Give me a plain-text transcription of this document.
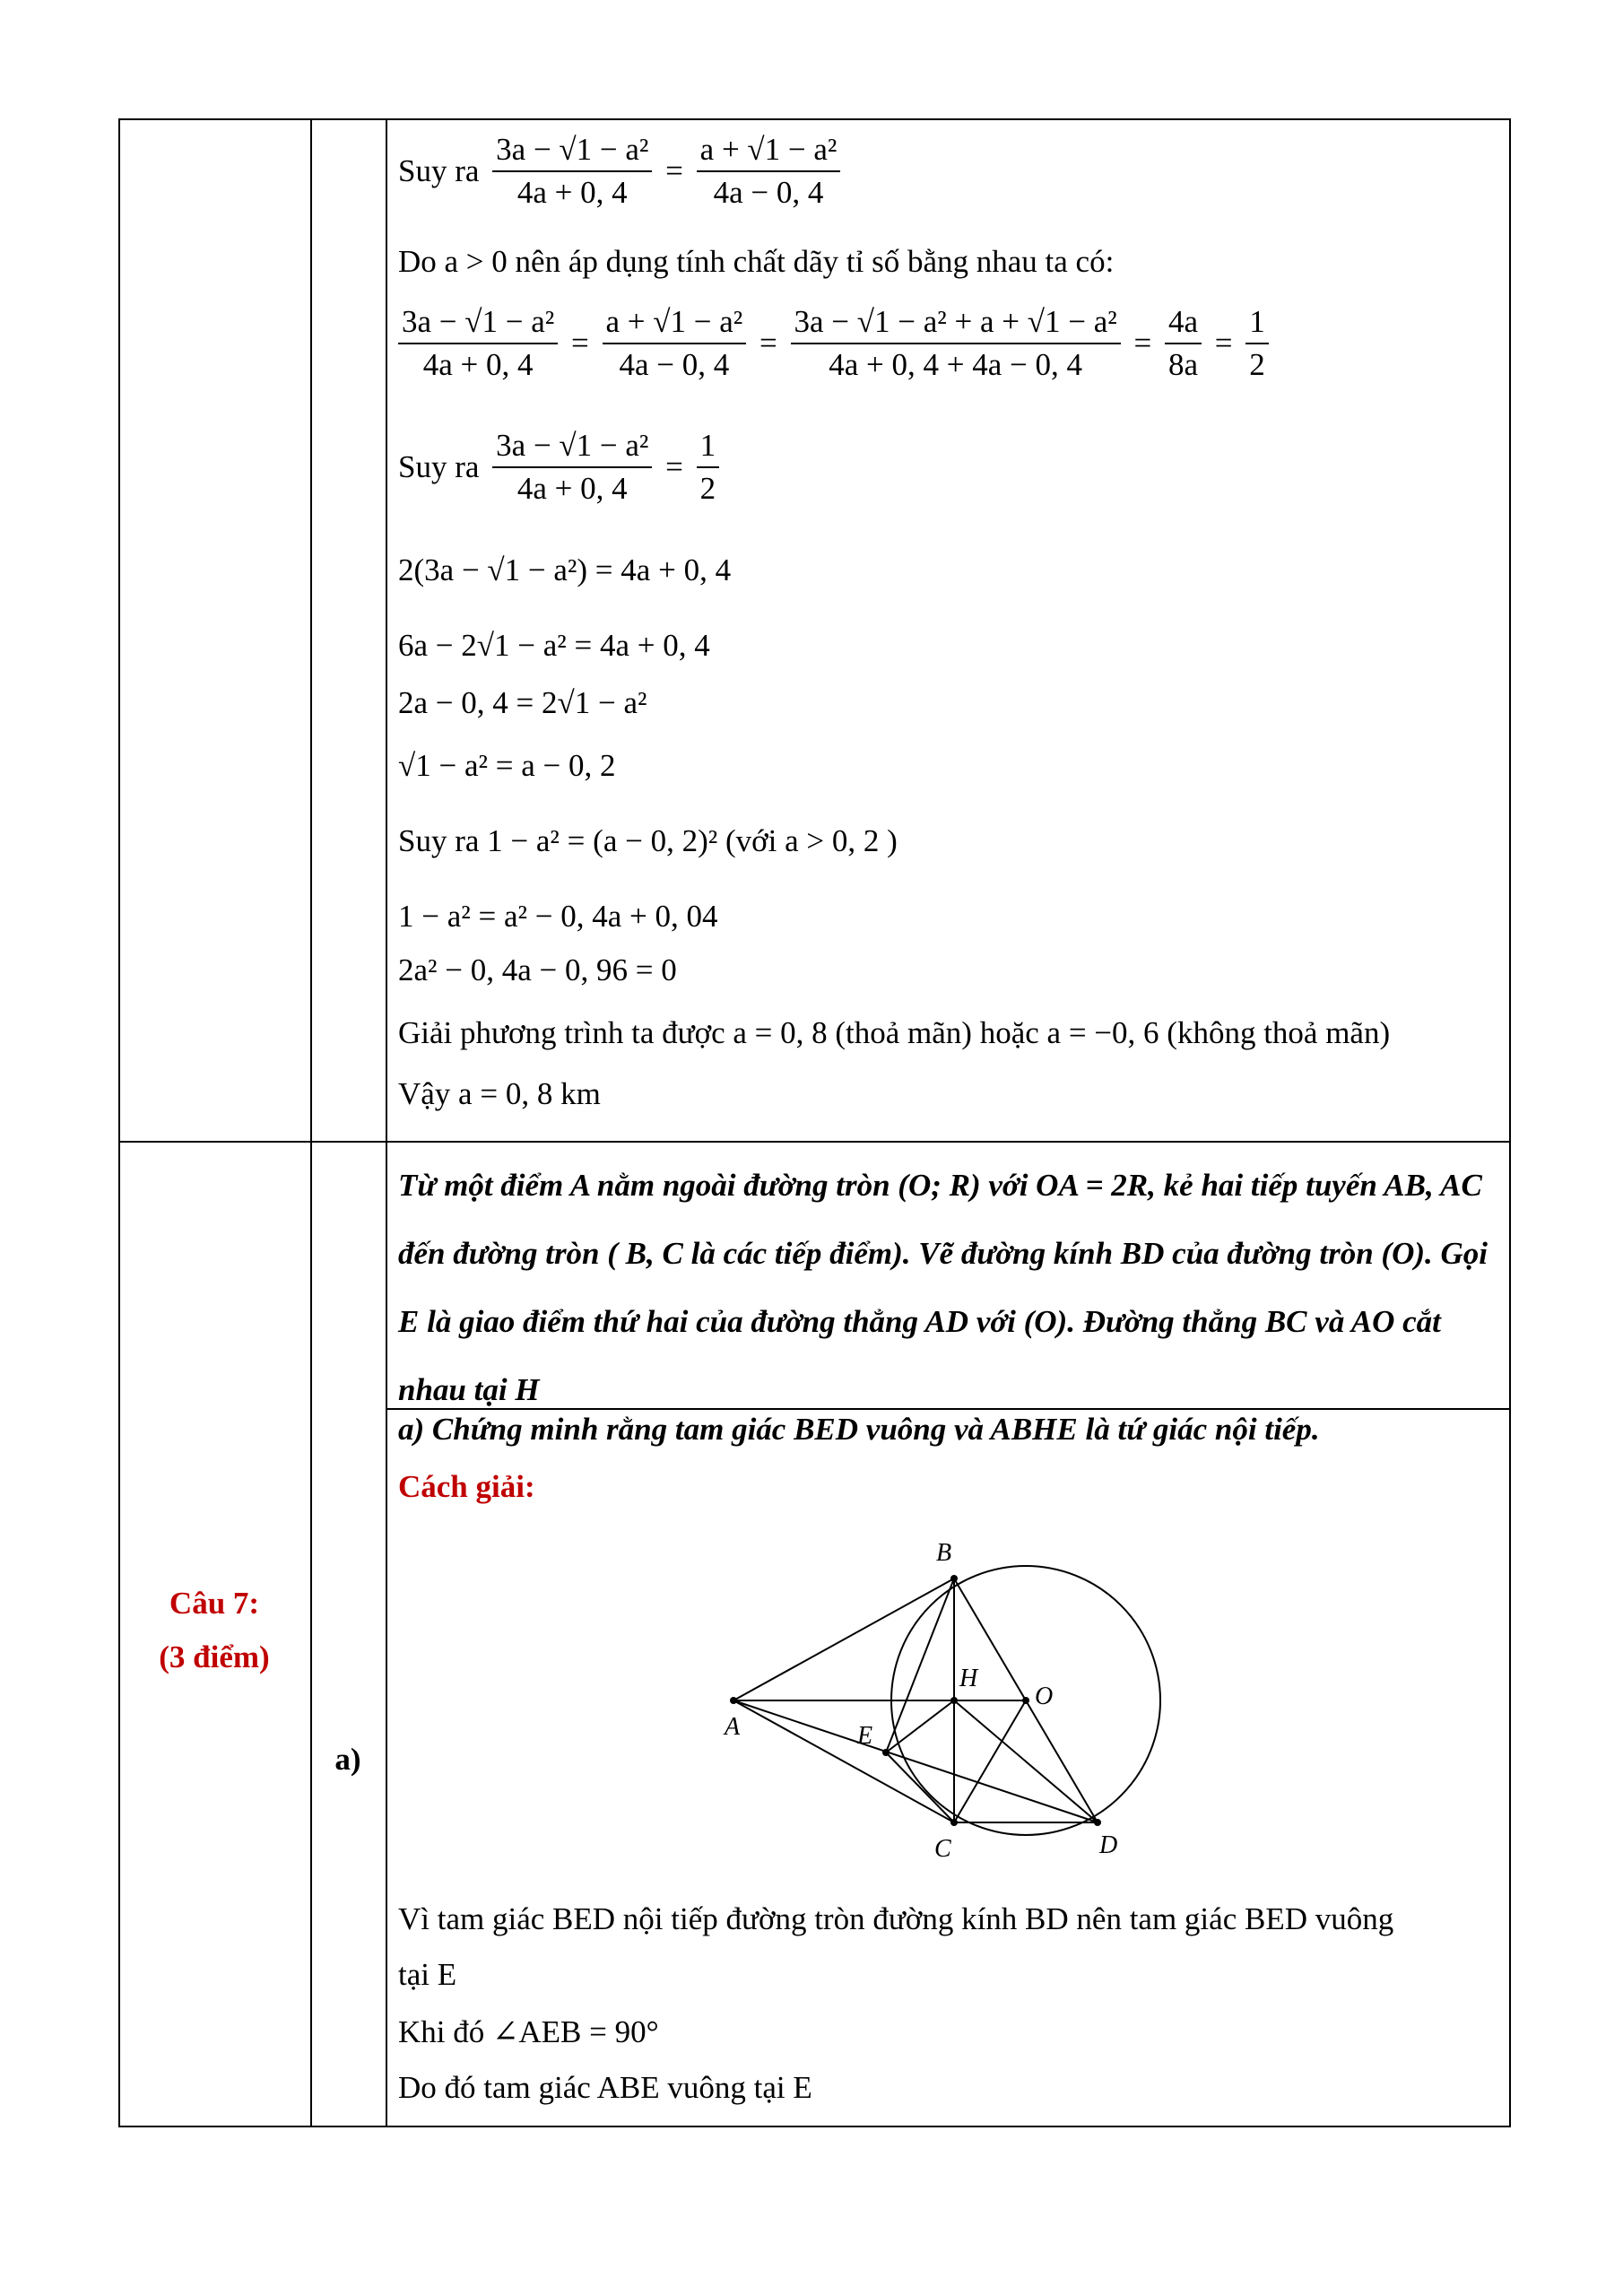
Suy ra $\frac{\text{3a − √1 − a²}}{4a + 0, 4} = \frac{\text{a + √1 − a²}}{4a - 0, 4}$
Do a > 0 nên áp dụng tính chất dãy tỉ số bằng nhau ta có:
$\frac{\text{3a − √1 − a²}}{4a + 0, 4} = \frac{\text{a + √1 − a²}}{4a - 0, 4} = \frac{\text{3a − √1 − a² + a + √1 − a²}}{4a + 0, 4 + 4a - 0, 4} = \frac{4a}{8a} = \frac{1}{2}$
Suy ra $\frac{\text{3a − √1 − a²}}{4a + 0, 4} = \frac{1}{2}$
2(3a − √1 − a²) = 4a + 0, 4
6a − 2√1 − a² = 4a + 0, 4
2a − 0, 4 = 2√1 − a²
√1 − a² = a − 0, 2
Suy ra 1 − a² = (a − 0, 2)² (với a > 0, 2 )
1 − a² = a² − 0, 4a + 0, 04
2a² − 0, 4a − 0, 96 = 0
Giải phương trình ta được a = 0, 8 (thoả mãn) hoặc a = −0, 6 (không thoả mãn)
Vậy a = 0, 8 km
Câu 7:
(3 điểm)
Từ một điểm A nằm ngoài đường tròn (O; R) với OA = 2R, kẻ hai tiếp tuyến AB, AC đến đường tròn ( B, C là các tiếp điểm). Vẽ đường kính BD của đường tròn (O). Gọi E là giao điểm thứ hai của đường thẳng AD với (O). Đường thẳng BC và AO cắt nhau tại H
a)
a) Chứng minh rằng tam giác BED vuông và ABHE là tứ giác nội tiếp.
Cách giải:
A
B
C	D
E
H
O
Vì tam giác BED nội tiếp đường tròn đường kính BD nên tam giác BED vuông
tại E
Khi đó ∠AEB = 90°
Do đó tam giác ABE vuông tại E
